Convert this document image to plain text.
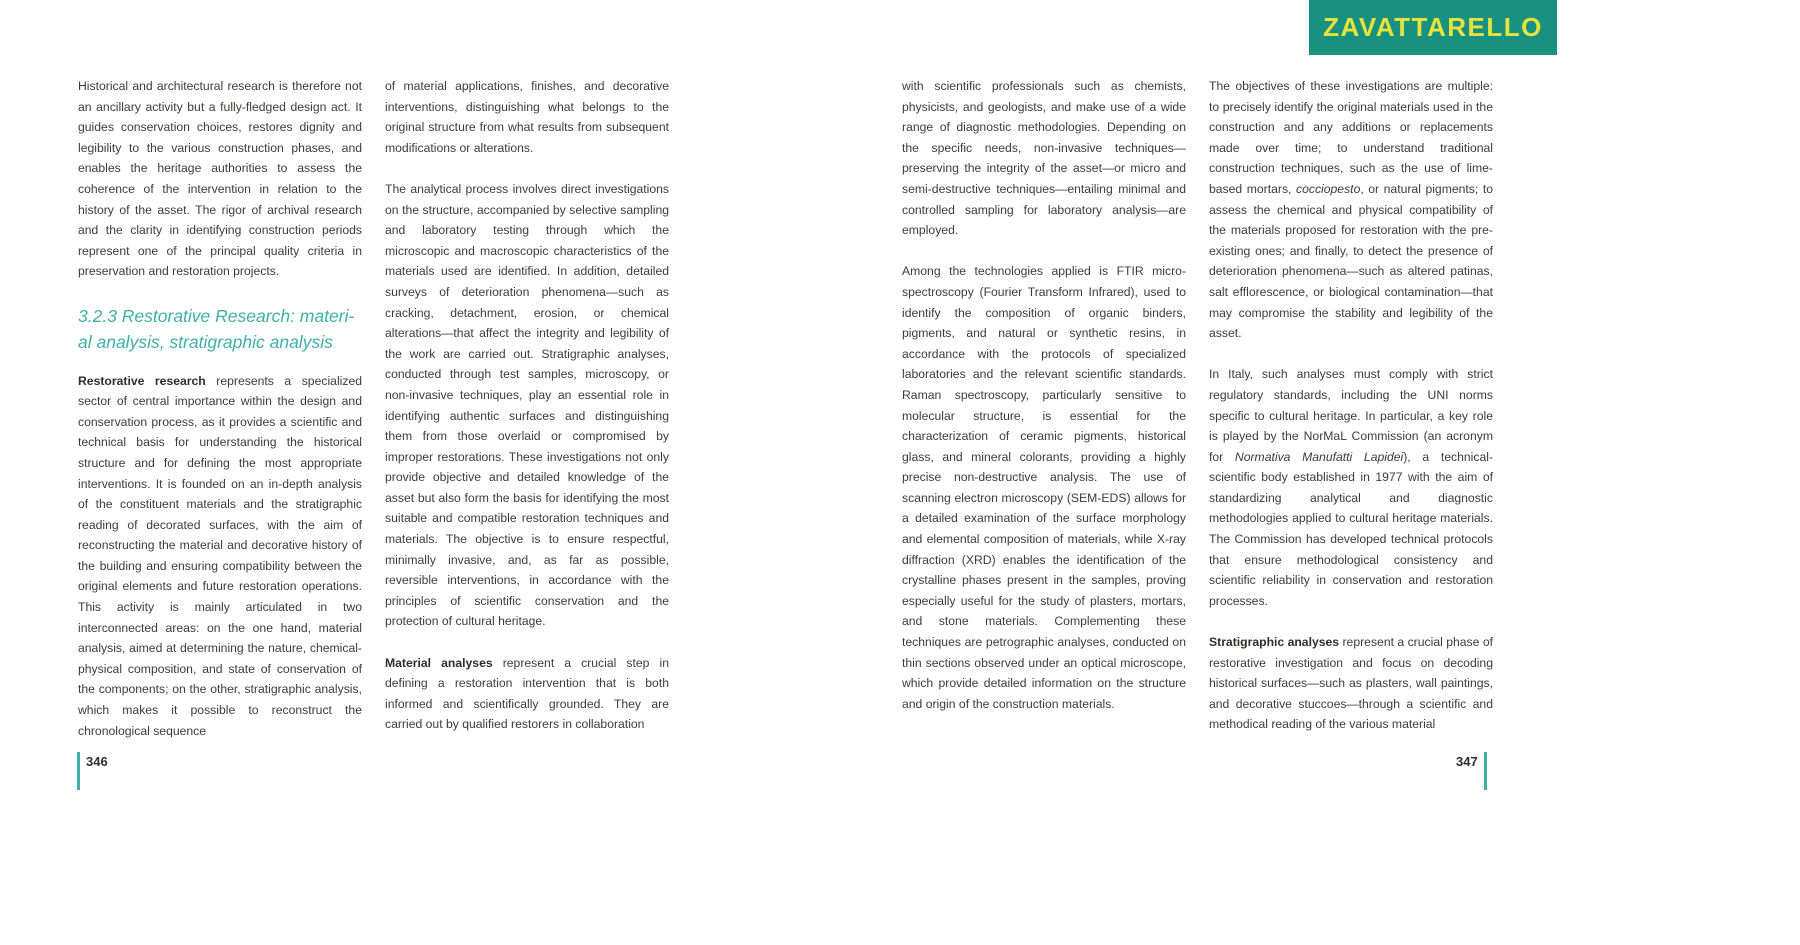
ZAVATTARELLO

Historical and architectural research is therefore not an ancillary activity but a fully-fledged design act. It guides conservation choices, restores dignity and legibility to the various construction phases, and enables the heritage authorities to assess the coherence of the intervention in relation to the history of the asset. The rigor of archival research and the clarity in identifying construction periods represent one of the principal quality criteria in preservation and restoration projects.

3.2.3 Restorative Research: materi-
al analysis, stratigraphic analysis

Restorative research represents a specialized sector of central importance within the design and conservation process, as it provides a scientific and technical basis for understanding the historical structure and for defining the most appropriate interventions. It is founded on an in-depth analysis of the constituent materials and the stratigraphic reading of decorated surfaces, with the aim of reconstructing the material and decorative history of the building and ensuring compatibility between the original elements and future restoration operations. This activity is mainly articulated in two interconnected areas: on the one hand, material analysis, aimed at determining the nature, chemical-physical composition, and state of conservation of the components; on the other, stratigraphic analysis, which makes it possible to reconstruct the chronological sequence

of material applications, finishes, and decorative interventions, distinguishing what belongs to the original structure from what results from subsequent modifications or alterations.

The analytical process involves direct investigations on the structure, accompanied by selective sampling and laboratory testing through which the microscopic and macroscopic characteristics of the materials used are identified. In addition, detailed surveys of deterioration phenomena—such as cracking, detachment, erosion, or chemical alterations—that affect the integrity and legibility of the work are carried out. Stratigraphic analyses, conducted through test samples, microscopy, or non-invasive techniques, play an essential role in identifying authentic surfaces and distinguishing them from those overlaid or compromised by improper restorations. These investigations not only provide objective and detailed knowledge of the asset but also form the basis for identifying the most suitable and compatible restoration techniques and materials. The objective is to ensure respectful, minimally invasive, and, as far as possible, reversible interventions, in accordance with the principles of scientific conservation and the protection of cultural heritage.

Material analyses represent a crucial step in defining a restoration intervention that is both informed and scientifically grounded. They are carried out by qualified restorers in collaboration

with scientific professionals such as chemists, physicists, and geologists, and make use of a wide range of diagnostic methodologies. Depending on the specific needs, non-invasive techniques—preserving the integrity of the asset—or micro and semi-destructive techniques—entailing minimal and controlled sampling for laboratory analysis—are employed.

Among the technologies applied is FTIR micro-spectroscopy (Fourier Transform Infrared), used to identify the composition of organic binders, pigments, and natural or synthetic resins, in accordance with the protocols of specialized laboratories and the relevant scientific standards. Raman spectroscopy, particularly sensitive to molecular structure, is essential for the characterization of ceramic pigments, historical glass, and mineral colorants, providing a highly precise non-destructive analysis. The use of scanning electron microscopy (SEM-EDS) allows for a detailed examination of the surface morphology and elemental composition of materials, while X-ray diffraction (XRD) enables the identification of the crystalline phases present in the samples, proving especially useful for the study of plasters, mortars, and stone materials. Complementing these techniques are petrographic analyses, conducted on thin sections observed under an optical microscope, which provide detailed information on the structure and origin of the construction materials.

The objectives of these investigations are multiple: to precisely identify the original materials used in the construction and any additions or replacements made over time; to understand traditional construction techniques, such as the use of lime-based mortars, cocciopesto, or natural pigments; to assess the chemical and physical compatibility of the materials proposed for restoration with the pre-existing ones; and finally, to detect the presence of deterioration phenomena—such as altered patinas, salt efflorescence, or biological contamination—that may compromise the stability and legibility of the asset.

In Italy, such analyses must comply with strict regulatory standards, including the UNI norms specific to cultural heritage. In particular, a key role is played by the NorMaL Commission (an acronym for Normativa Manufatti Lapidei), a technical-scientific body established in 1977 with the aim of standardizing analytical and diagnostic methodologies applied to cultural heritage materials. The Commission has developed technical protocols that ensure methodological consistency and scientific reliability in conservation and restoration processes.

Stratigraphic analyses represent a crucial phase of restorative investigation and focus on decoding historical surfaces—such as plasters, wall paintings, and decorative stuccoes—through a scientific and methodical reading of the various material

346	347
